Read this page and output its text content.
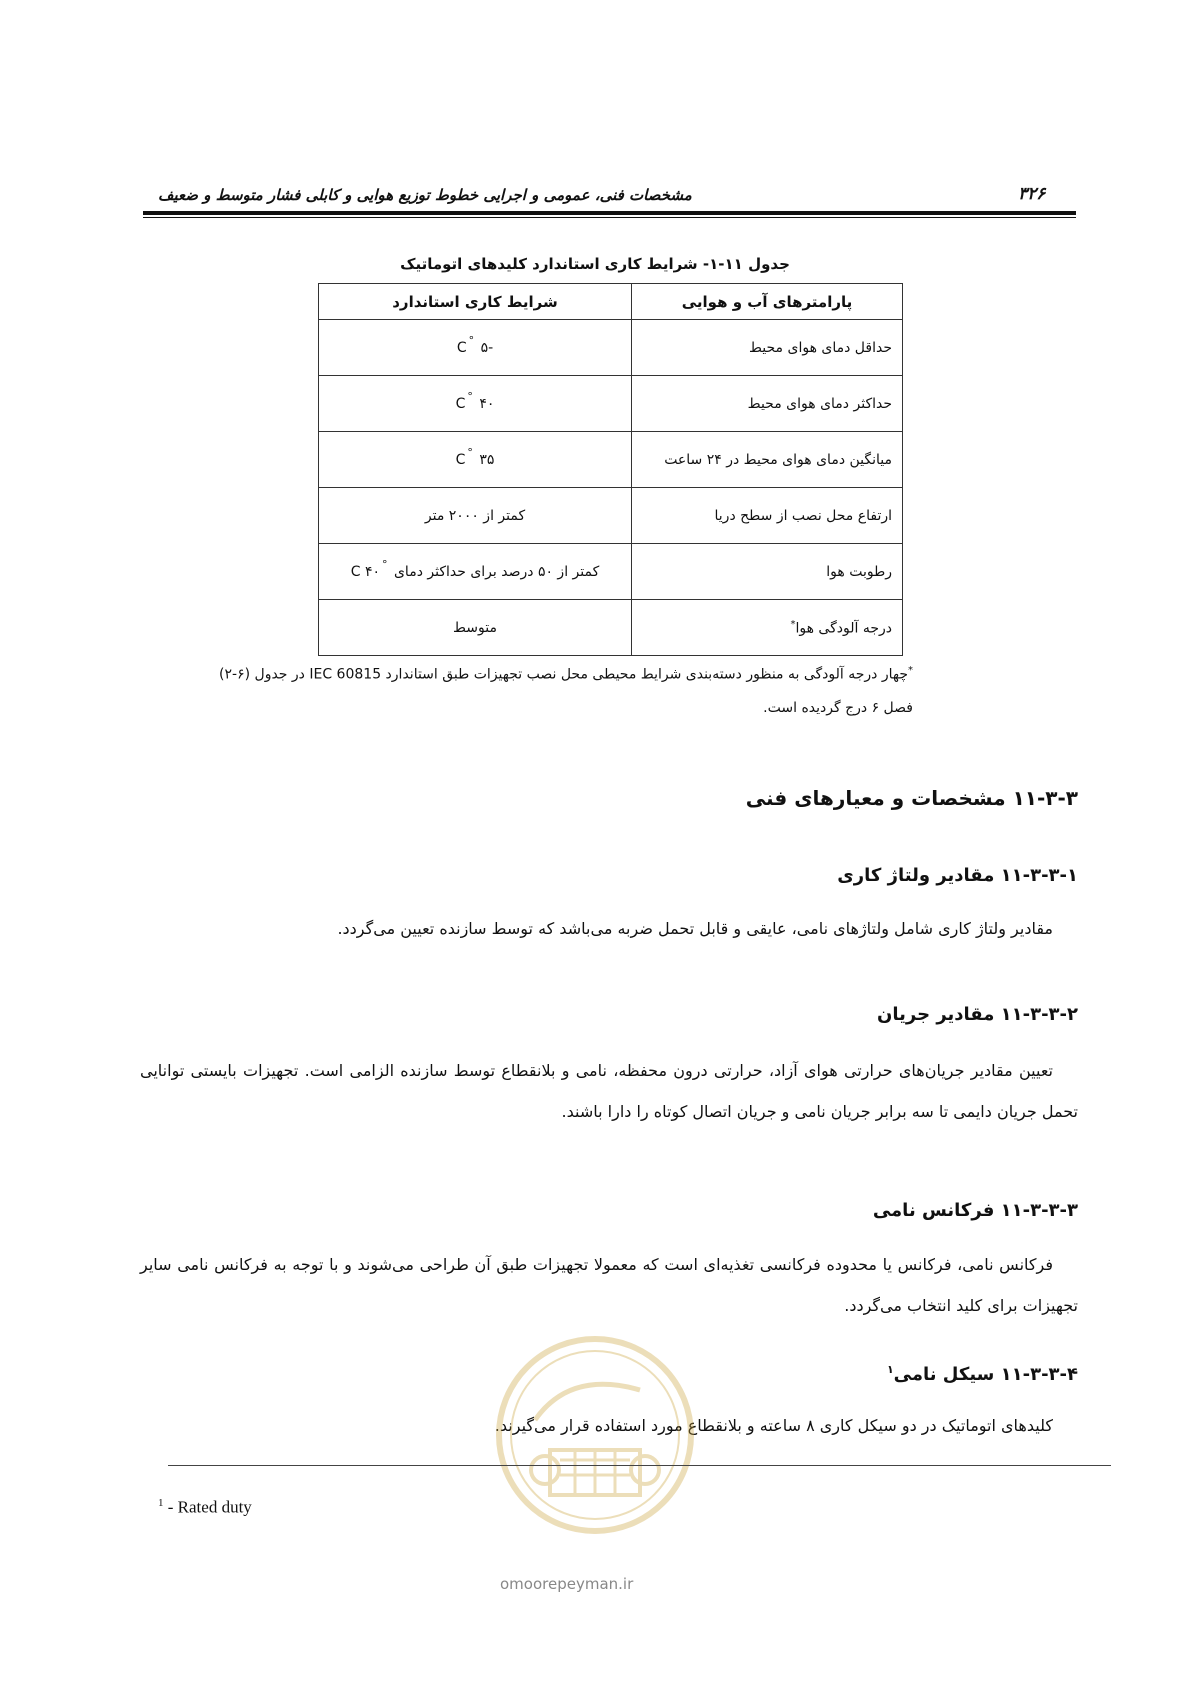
۳۲۶
مشخصات فنی، عمومی و اجرایی خطوط توزیع هوایی و کابلی فشار متوسط و ضعیف
جدول ۱۱-۱- شرایط کاری استاندارد کلیدهای اتوماتیک
پارامترهای آب و هوایی	شرایط کاری استاندارد
حداقل دمای هوای محیط	-۵ °C
حداکثر دمای هوای محیط	۴۰ °C
میانگین دمای هوای محیط در ۲۴ ساعت	۳۵ °C
ارتفاع محل نصب از سطح دریا	کمتر از ۲۰۰۰ متر
رطوبت هوا	کمتر از ۵۰ درصد برای حداکثر دمای °C ۴۰
درجه آلودگی هوا*	متوسط
*چهار درجه آلودگی به منظور دسته‌بندی شرایط محیطی محل نصب تجهیزات طبق استاندارد IEC 60815 در جدول (۶-۲)
فصل ۶ درج گردیده است.
۱۱-۳-۳ مشخصات و معیارهای فنی
۱۱-۳-۳-۱ مقادیر ولتاژ کاری
مقادیر ولتاژ کاری شامل ولتاژهای نامی، عایقی و قابل تحمل ضربه می‌باشد که توسط سازنده تعیین می‌گردد.
۱۱-۳-۳-۲ مقادیر جریان
تعیین مقادیر جریان‌های حرارتی هوای آزاد، حرارتی درون محفظه، نامی و بلانقطاع توسط سازنده الزامی است. تجهیزات بایستی توانایی تحمل جریان دایمی تا سه برابر جریان نامی و جریان اتصال کوتاه را دارا باشند.
۱۱-۳-۳-۳ فرکانس نامی
فرکانس نامی، فرکانس یا محدوده فرکانسی تغذیه‌ای است که معمولا تجهیزات طبق آن طراحی می‌شوند و با توجه به فرکانس نامی سایر تجهیزات برای کلید انتخاب می‌گردد.
۱۱-۳-۳-۴ سیکل نامی$^۱$
کلیدهای اتوماتیک در دو سیکل کاری ۸ ساعته و بلانقطاع مورد استفاده قرار می‌گیرند.
omoorepeyman.ir
$^1$ - Rated duty
